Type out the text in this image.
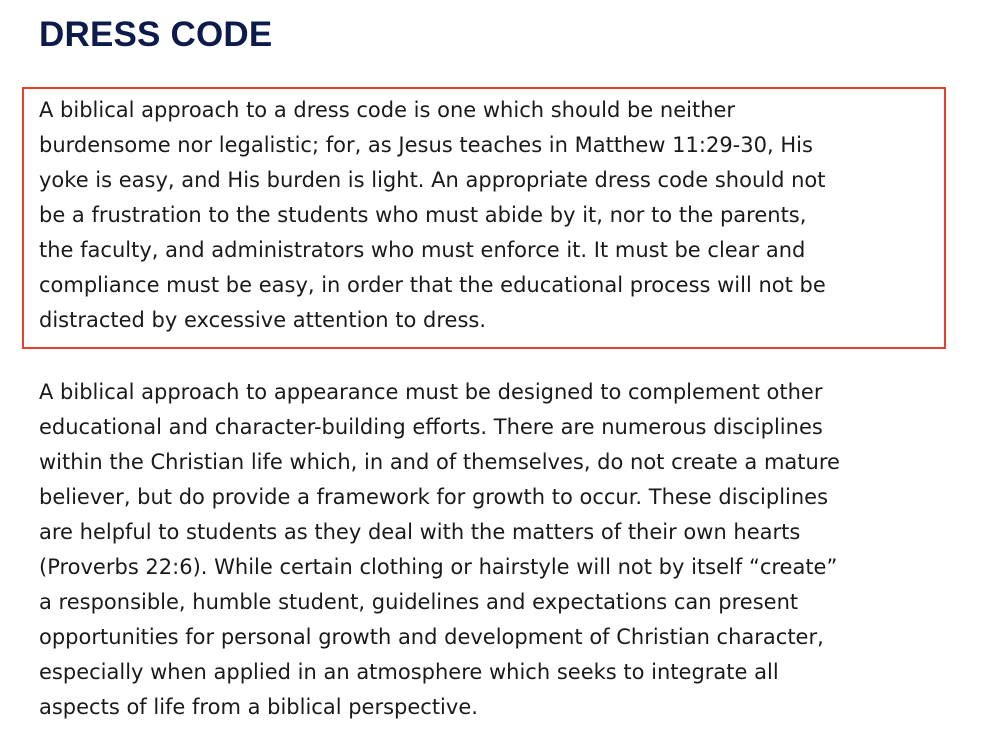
DRESS CODE

A biblical approach to a dress code is one which should be neither
burdensome nor legalistic; for, as Jesus teaches in Matthew 11:29-30, His
yoke is easy, and His burden is light. An appropriate dress code should not
be a frustration to the students who must abide by it, nor to the parents,
the faculty, and administrators who must enforce it. It must be clear and
compliance must be easy, in order that the educational process will not be
distracted by excessive attention to dress.

A biblical approach to appearance must be designed to complement other
educational and character-building efforts. There are numerous disciplines
within the Christian life which, in and of themselves, do not create a mature
believer, but do provide a framework for growth to occur. These disciplines
are helpful to students as they deal with the matters of their own hearts
(Proverbs 22:6). While certain clothing or hairstyle will not by itself “create”
a responsible, humble student, guidelines and expectations can present
opportunities for personal growth and development of Christian character,
especially when applied in an atmosphere which seeks to integrate all
aspects of life from a biblical perspective.
